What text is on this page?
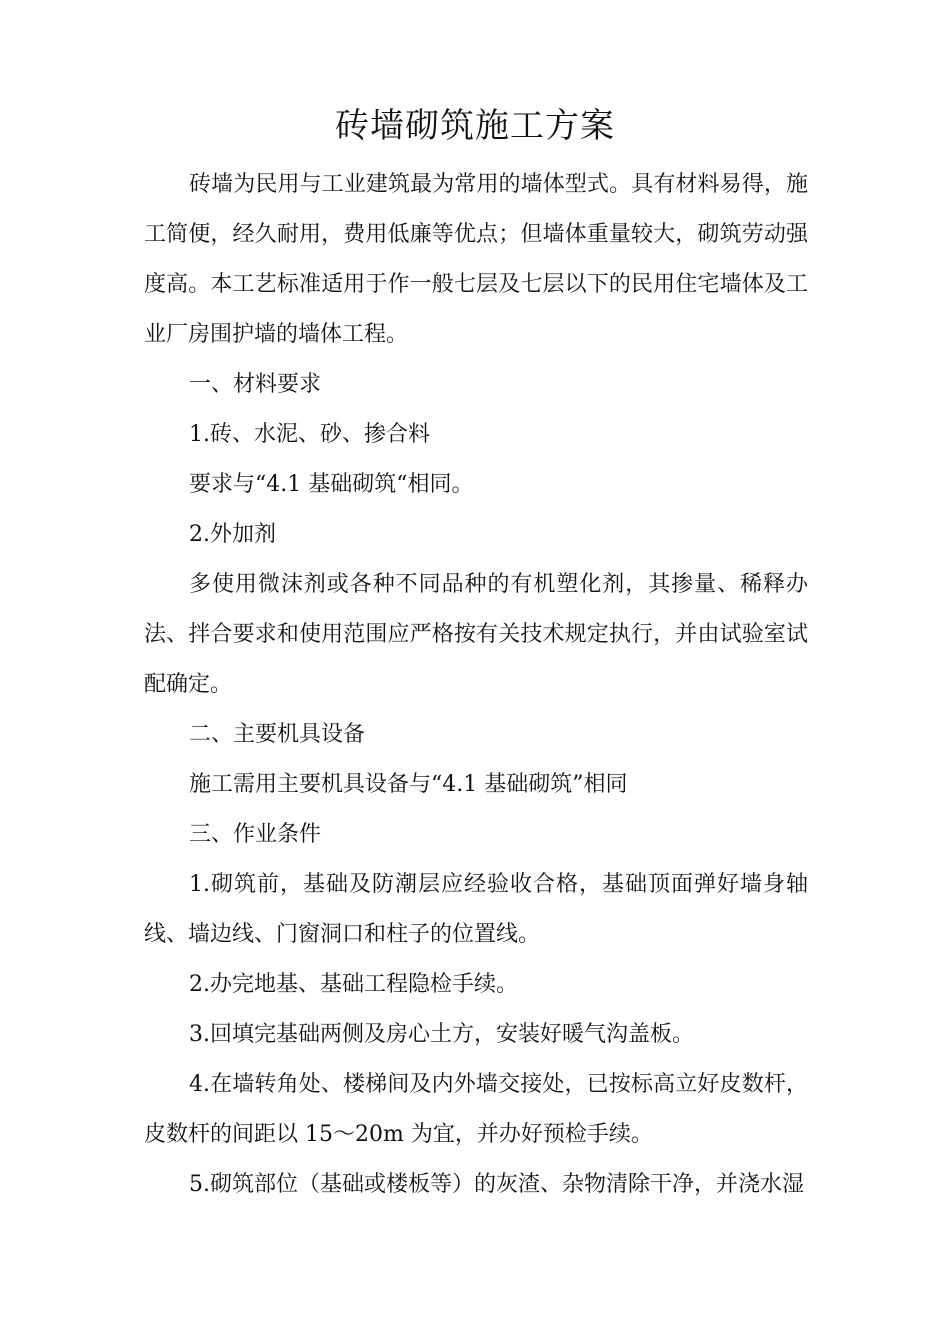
砖墙砌筑施工方案

砖墙为民用与工业建筑最为常用的墙体型式。具有材料易得，施工简便，经久耐用，费用低廉等优点；但墙体重量较大，砌筑劳动强度高。本工艺标准适用于作一般七层及七层以下的民用住宅墙体及工业厂房围护墙的墙体工程。

一、材料要求

1.砖、水泥、砂、掺合料

要求与“4.1 基础砌筑“相同。

2.外加剂

多使用微沫剂或各种不同品种的有机塑化剂，其掺量、稀释办法、拌合要求和使用范围应严格按有关技术规定执行，并由试验室试配确定。

二、主要机具设备

施工需用主要机具设备与“4.1 基础砌筑”相同

三、作业条件

1.砌筑前，基础及防潮层应经验收合格，基础顶面弹好墙身轴线、墙边线、门窗洞口和柱子的位置线。

2.办完地基、基础工程隐检手续。

3.回填完基础两侧及房心土方，安装好暖气沟盖板。

4.在墙转角处、楼梯间及内外墙交接处，已按标高立好皮数杆，皮数杆的间距以 15～20m 为宜，并办好预检手续。

5.砌筑部位（基础或楼板等）的灰渣、杂物清除干净，并浇水湿
